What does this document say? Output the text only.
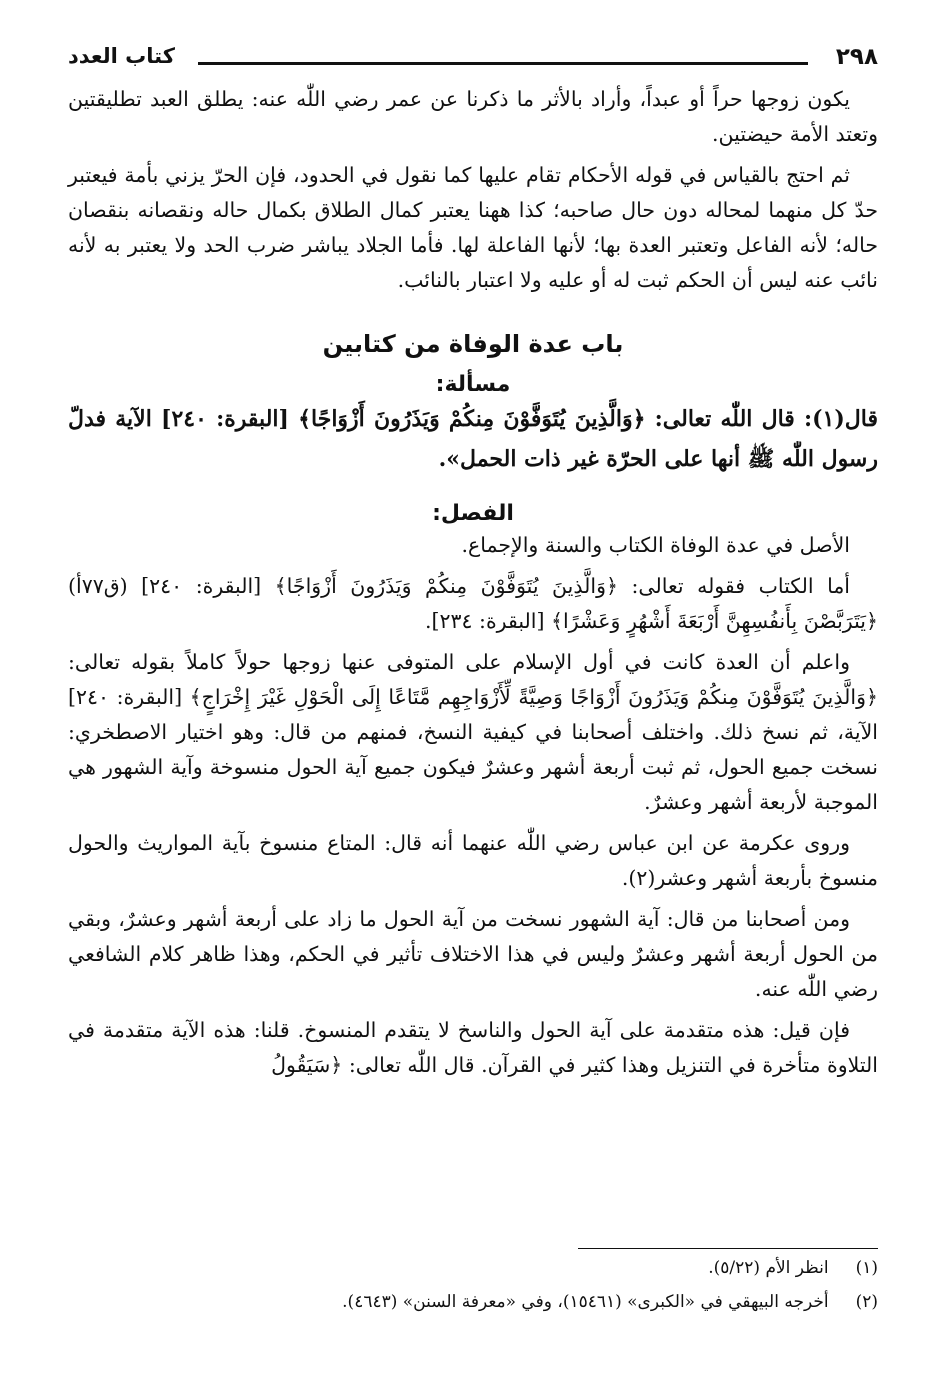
٢٩٨
كتاب العدد

يكون زوجها حراً أو عبداً، وأراد بالأثر ما ذكرنا عن عمر رضي اللّٰه عنه: يطلق العبد تطليقتين وتعتد الأمة حيضتين.

ثم احتج بالقياس في قوله الأحكام تقام عليها كما نقول في الحدود، فإن الحرّ يزني بأمة فيعتبر حدّ كل منهما لمحاله دون حال صاحبه؛ كذا ههنا يعتبر كمال الطلاق بكمال حاله ونقصانه بنقصان حاله؛ لأنه الفاعل وتعتبر العدة بها؛ لأنها الفاعلة لها. فأما الجلاد يباشر ضرب الحد ولا يعتبر به لأنه نائب عنه ليس أن الحكم ثبت له أو عليه ولا اعتبار بالنائب.

باب عدة الوفاة من كتابين
مسألة:

قال(١): قال اللّٰه تعالى: ﴿وَالَّذِينَ يُتَوَفَّوْنَ مِنكُمْ وَيَذَرُونَ أَزْوَاجًا﴾ [البقرة: ٢٤٠] الآية فدلّ رسول اللّٰه ﷺ أنها على الحرّة غير ذات الحمل».

الفصل:

الأصل في عدة الوفاة الكتاب والسنة والإجماع.

أما الكتاب فقوله تعالى: ﴿وَالَّذِينَ يُتَوَفَّوْنَ مِنكُمْ وَيَذَرُونَ أَزْوَاجًا﴾ [البقرة: ٢٤٠] (ق٧٧أ) ﴿يَتَرَبَّصْنَ بِأَنفُسِهِنَّ أَرْبَعَةَ أَشْهُرٍ وَعَشْرًا﴾ [البقرة: ٢٣٤].

واعلم أن العدة كانت في أول الإسلام على المتوفى عنها زوجها حولاً كاملاً بقوله تعالى: ﴿وَالَّذِينَ يُتَوَفَّوْنَ مِنكُمْ وَيَذَرُونَ أَزْوَاجًا وَصِيَّةً لِّأَزْوَاجِهِم مَّتَاعًا إِلَى الْحَوْلِ غَيْرَ إِخْرَاجٍ﴾ [البقرة: ٢٤٠] الآية، ثم نسخ ذلك. واختلف أصحابنا في كيفية النسخ، فمنهم من قال: وهو اختيار الاصطخري: نسخت جميع الحول، ثم ثبت أربعة أشهر وعشرٌ فيكون جميع آية الحول منسوخة وآية الشهور هي الموجبة لأربعة أشهر وعشرٌ.

وروى عكرمة عن ابن عباس رضي اللّٰه عنهما أنه قال: المتاع منسوخ بآية المواريث والحول منسوخ بأربعة أشهر وعشر(٢).

ومن أصحابنا من قال: آية الشهور نسخت من آية الحول ما زاد على أربعة أشهر وعشرٌ، وبقي من الحول أربعة أشهر وعشرٌ وليس في هذا الاختلاف تأثير في الحكم، وهذا ظاهر كلام الشافعي رضي اللّٰه عنه.

فإن قيل: هذه متقدمة على آية الحول والناسخ لا يتقدم المنسوخ. قلنا: هذه الآية متقدمة في التلاوة متأخرة في التنزيل وهذا كثير في القرآن. قال اللّٰه تعالى: ﴿سَيَقُولُ

(١) انظر الأم (٥/٢٢).
(٢) أخرجه البيهقي في «الكبرى» (١٥٤٦١)، وفي «معرفة السنن» (٤٦٤٣).
